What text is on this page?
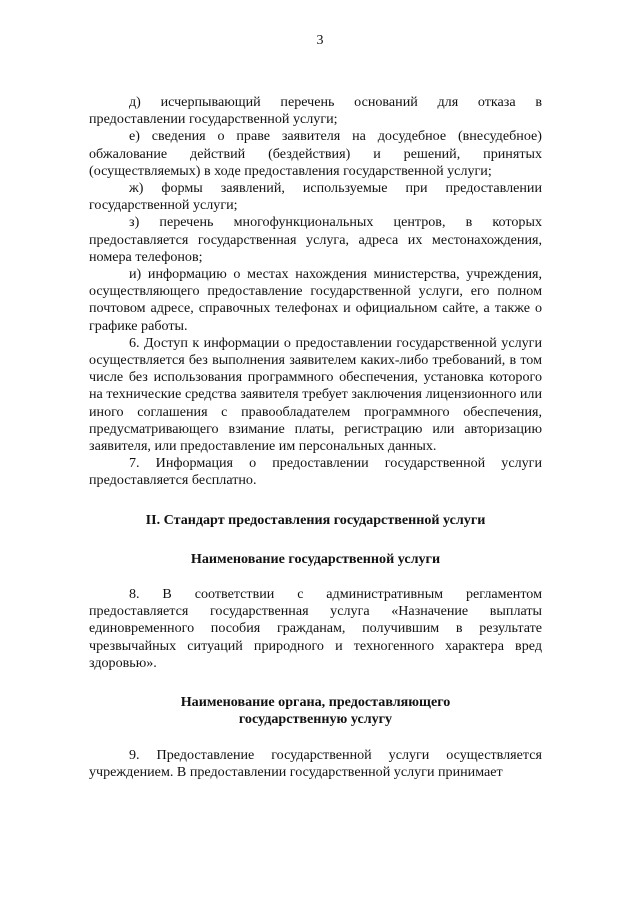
3

д) исчерпывающий перечень оснований для отказа в предоставлении государственной услуги;

е) сведения о праве заявителя на досудебное (внесудебное) обжалование действий (бездействия) и решений, принятых (осуществляемых) в ходе предоставления государственной услуги;

ж) формы заявлений, используемые при предоставлении государственной услуги;

з) перечень многофункциональных центров, в которых предоставляется государственная услуга, адреса их местонахождения, номера телефонов;

и) информацию о местах нахождения министерства, учреждения, осуществляющего предоставление государственной услуги, его полном почтовом адресе, справочных телефонах и официальном сайте, а также о графике работы.

6. Доступ к информации о предоставлении государственной услуги осуществляется без выполнения заявителем каких-либо требований, в том числе без использования программного обеспечения, установка которого на технические средства заявителя требует заключения лицензионного или иного соглашения с правообладателем программного обеспечения, предусматривающего взимание платы, регистрацию или авторизацию заявителя, или предоставление им персональных данных.

7. Информация о предоставлении государственной услуги предоставляется бесплатно.

II. Стандарт предоставления государственной услуги

Наименование государственной услуги

8. В соответствии с административным регламентом предоставляется государственная услуга «Назначение выплаты единовременного пособия гражданам, получившим в результате чрезвычайных ситуаций природного и техногенного характера вред здоровью».

Наименование органа, предоставляющего

государственную услугу

9. Предоставление государственной услуги осуществляется учреждением. В предоставлении государственной услуги принимает
